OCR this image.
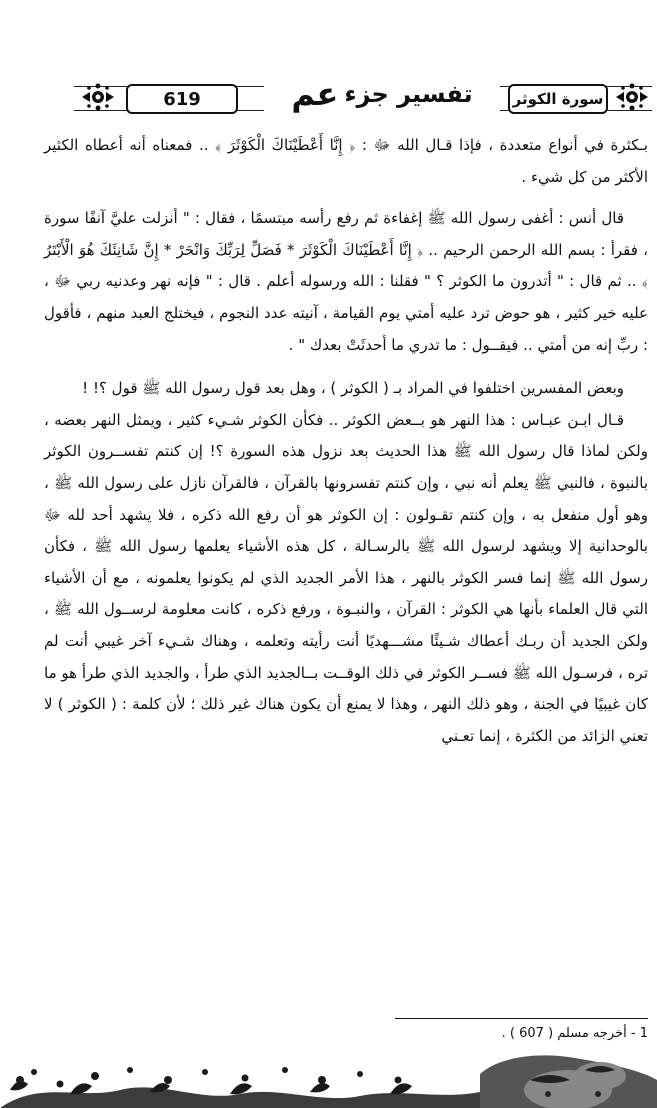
619	تفسير جزء
عم	سورة الكوثر

بـكثرة في أنواع متعددة ، فإذا قـال الله ﷻ : ﴿ إِنَّا أَعْطَيْنَاكَ الْكَوْثَرَ ﴾ .. فمعناه أنه أعطاه الكثير الأكثر من كل شيء .

قال أنس : أغفى رسول الله ﷺ إغفاءة ثم رفع رأسه مبتسمًا ، فقال : " أنزلت عليَّ آنفًا سورة ، فقرأ : بسم الله الرحمن الرحيم .. ﴿ إِنَّا أَعْطَيْنَاكَ الْكَوْثَرَ * فَصَلِّ لِرَبِّكَ وَانْحَرْ * إِنَّ شَانِئَكَ هُوَ الْأَبْتَرُ ﴾ .. ثم قال : " أتدرون ما الكوثر ؟ " فقلنا : الله ورسوله أعلم . قال : " فإنه نهر وعدنيه ربي ﷻ ، عليه خير كثير ، هو حوض ترد عليه أمتي يوم القيامة ، آنيته عدد النجوم ، فيختلج العبد منهم ، فأقول : ربِّ إنه من أمتي .. فيقــول : ما تدري ما أحدثَتْ بعدك " .

وبعض المفسرين اختلفوا في المراد بـ ( الكوثر ) ، وهل بعد قول رسول الله ﷺ قول ؟! !

قـال ابـن عبـاس : هذا النهر هو بــعض الكوثر .. فكأن الكوثر شـيء كثير ، ويمثل النهر بعضه ، ولكن لماذا قال رسول الله ﷺ هذا الحديث بعد نزول هذه السورة ؟! إن كنتم تفســرون الكوثر بالنبوة ، فالنبي ﷺ يعلم أنه نبي ، وإن كنتم تفسرونها بالقرآن ، فالقرآن نازل على رسول الله ﷺ ، وهو أول منفعل به ، وإن كنتم تقـولون : إن الكوثر هو أن رفع الله ذكره ، فلا يشهد أحد لله ﷻ بالوحدانية إلا ويشهد لرسول الله ﷺ بالرسـالة ، كل هذه الأشياء يعلمها رسول الله ﷺ ، فكأن رسول الله ﷺ إنما فسر الكوثر بالنهر ، هذا الأمر الجديد الذي لم يكونوا يعلمونه ، مع أن الأشياء التي قال العلماء بأنها هي الكوثر : القرآن ، والنبـوة ، ورفع ذكره ، كانت معلومة لرســول الله ﷺ ، ولكن الجديد أن ربـك أعطاك شـيئًا مشـــهديًا أنت رأيته وتعلمه ، وهناك شـيء آخر غيبي أنت لم تره ، فرسـول الله ﷺ فســر الكوثر في ذلك الوقــت بــالجديد الذي طرأ ، والجديد الذي طرأ هو ما كان غيبيًا في الجنة ، وهو ذلك النهر ، وهذا لا يمنع أن يكون هناك غير ذلك ؛ لأن كلمة : ( الكوثر ) لا تعني الزائد من الكثرة ، إنما تعـني

1 - أخرجه مسلم ( 607 ) .
